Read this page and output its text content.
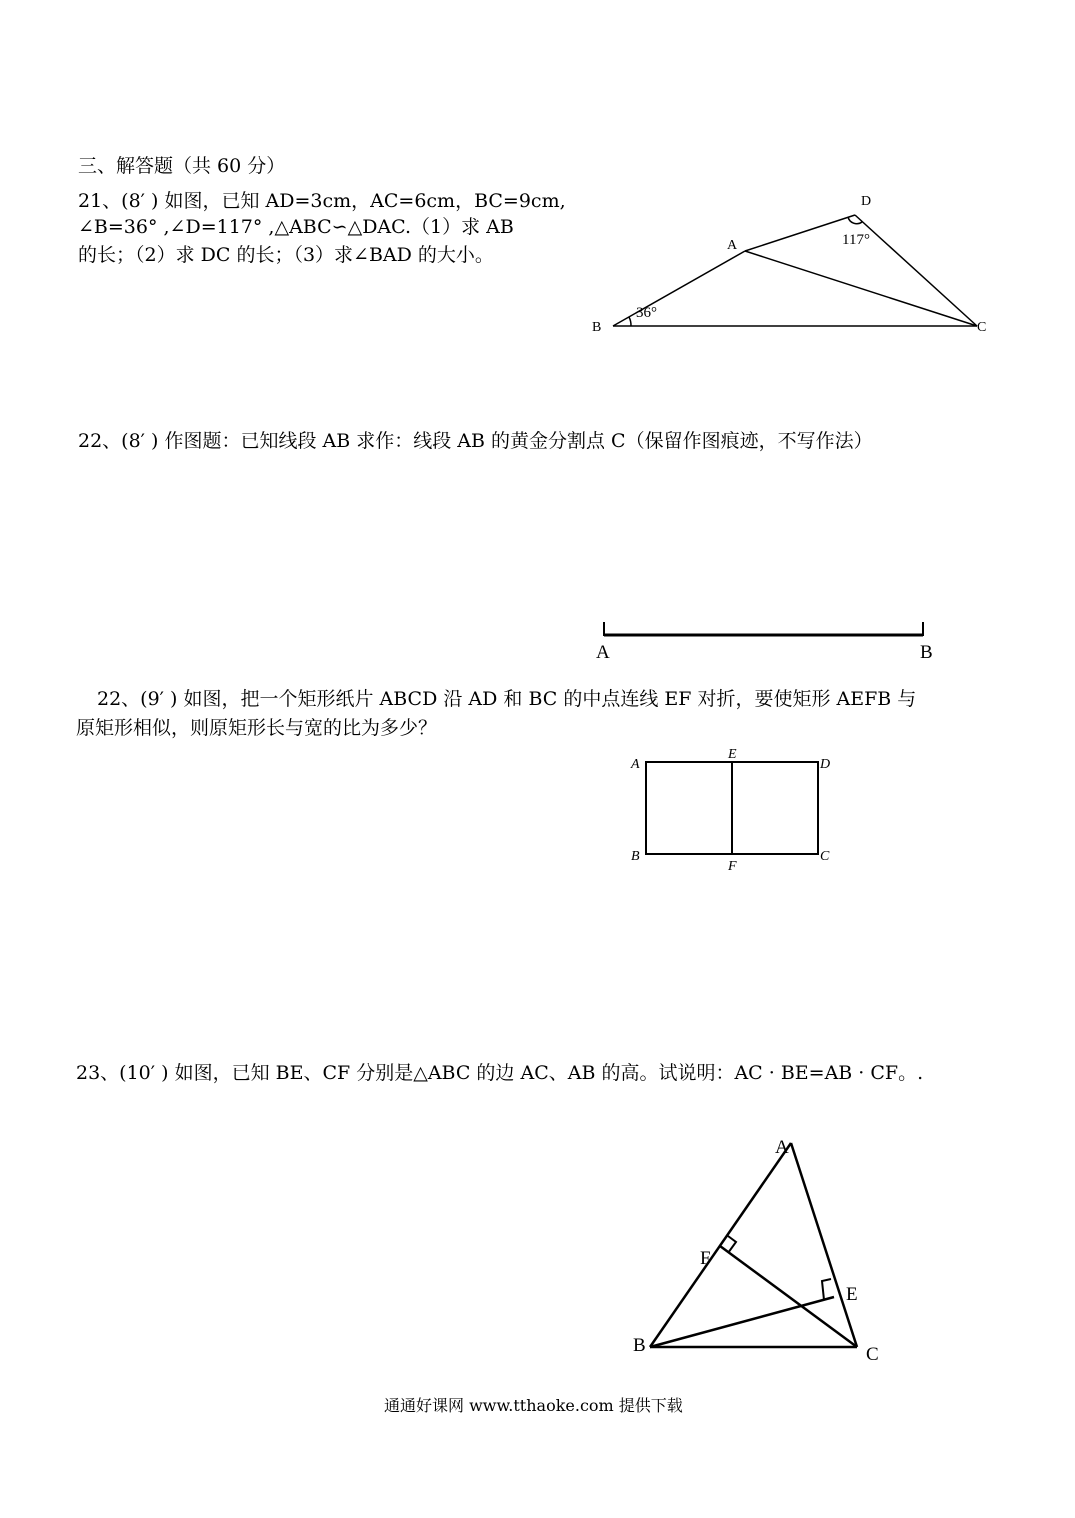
三、解答题（共 60 分）
21、(8′ ) 如图，已知 AD=3cm，AC=6cm，BC=9cm,
∠B=36° ,∠D=117° ,△ABC∽△DAC.（1）求 AB
的长；（2）求 DC 的长；（3）求∠BAD 的大小。
D
A
B	C
36°
117°
22、(8′ ) 作图题：已知线段 AB 求作：线段 AB 的黄金分割点 C（保留作图痕迹，不写作法）
A	B
22、(9′ ) 如图，把一个矩形纸片 ABCD 沿 AD 和 BC 的中点连线 EF 对折，要使矩形 AEFB 与
原矩形相似，则原矩形长与宽的比为多少？
A
E
D
B
F
C
23、(10′ ) 如图，已知 BE、CF 分别是△ABC 的边 AC、AB 的高。试说明：AC · BE=AB · CF。.
A
F
E
B	C
通通好课网 www.tthaoke.com 提供下载
